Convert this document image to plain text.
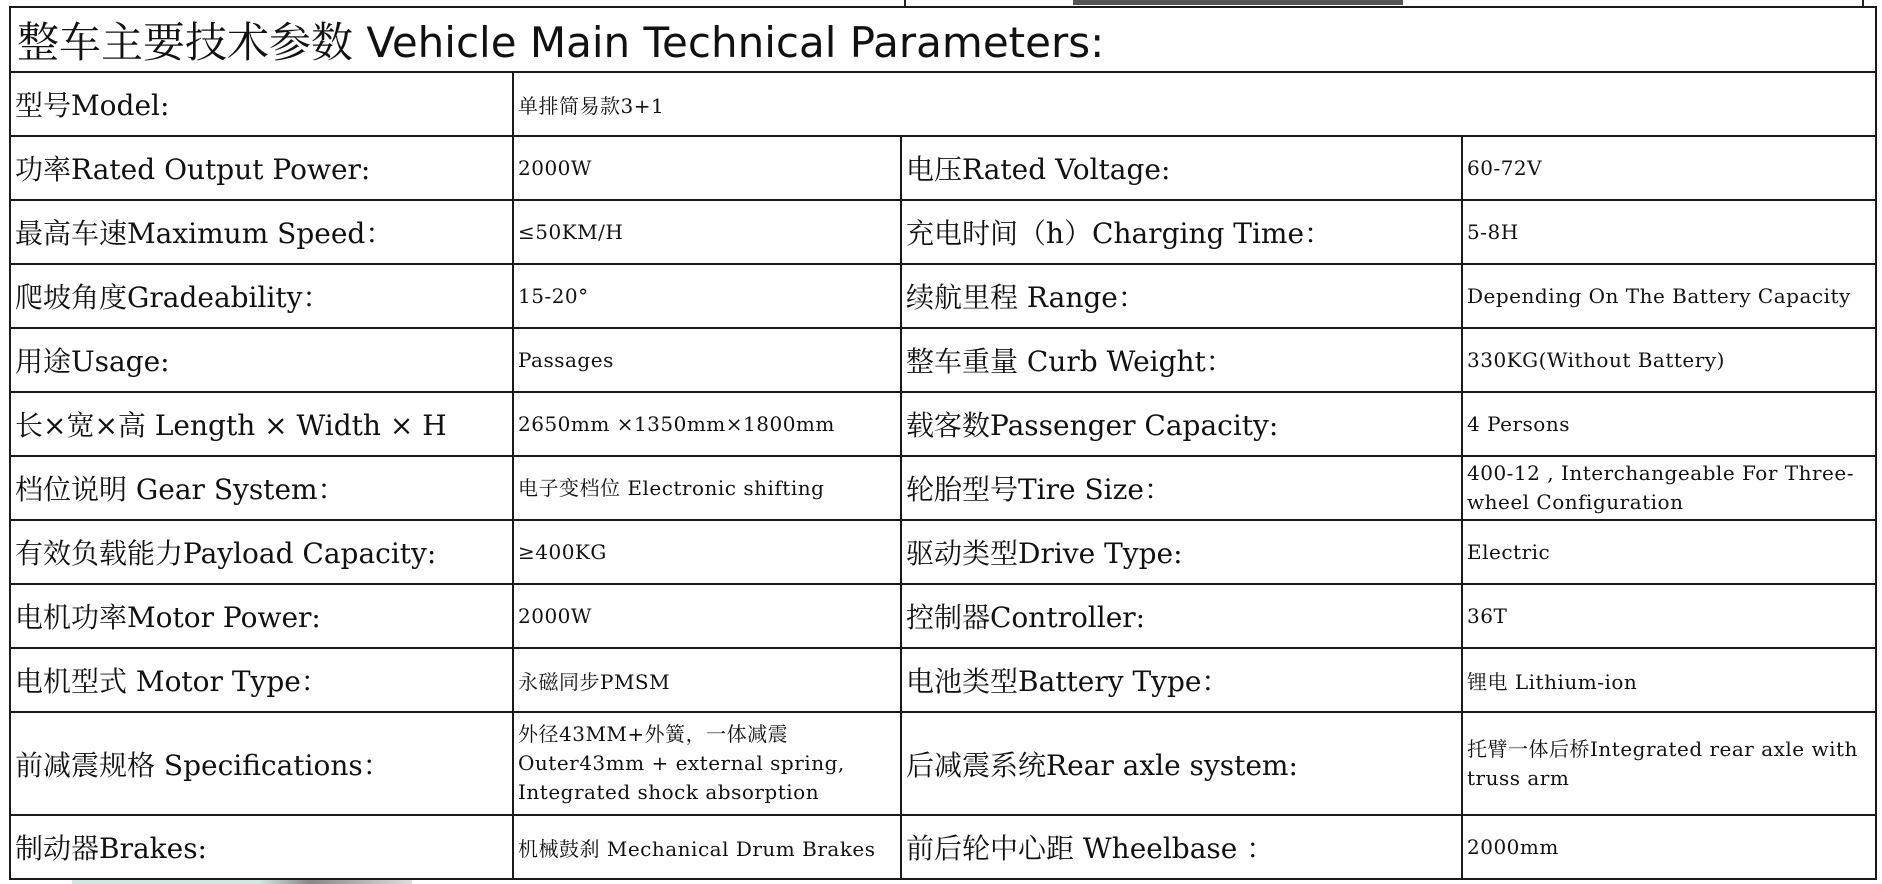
整车主要技术参数 Vehicle Main Technical Parameters:			
型号Model:	单排简易款3+1		
功率Rated Output Power:	2000W	电压Rated Voltage:	60-72V
最高车速Maximum Speed：	≤50KM/H	充电时间（h）Charging Time：	5-8H
爬坡角度Gradeability：	15-20°	续航里程 Range：	Depending On The Battery Capacity
用途Usage:	Passages	整车重量 Curb Weight：	330KG(Without Battery)
长×宽×高 Length × Width × H	2650mm ×1350mm×1800mm	载客数Passenger Capacity:	4 Persons
档位说明 Gear System：	电子变档位 Electronic shifting	轮胎型号Tire Size：	400-12 , Interchangeable For Three-wheel Configuration
有效负载能力Payload Capacity:	≥400KG	驱动类型Drive Type:	Electric
电机功率Motor Power:	2000W	控制器Controller:	36T
电机型式 Motor Type：	永磁同步PMSM	电池类型Battery Type：	锂电 Lithium-ion
前减震规格 Specifications：	外径43MM+外簧，一体减震 Outer43mm + external spring, Integrated shock absorption	后减震系统Rear axle system:	托臂一体后桥Integrated rear axle with truss arm
制动器Brakes:	机械鼓刹 Mechanical Drum Brakes	前后轮中心距 Wheelbase ：	2000mm
